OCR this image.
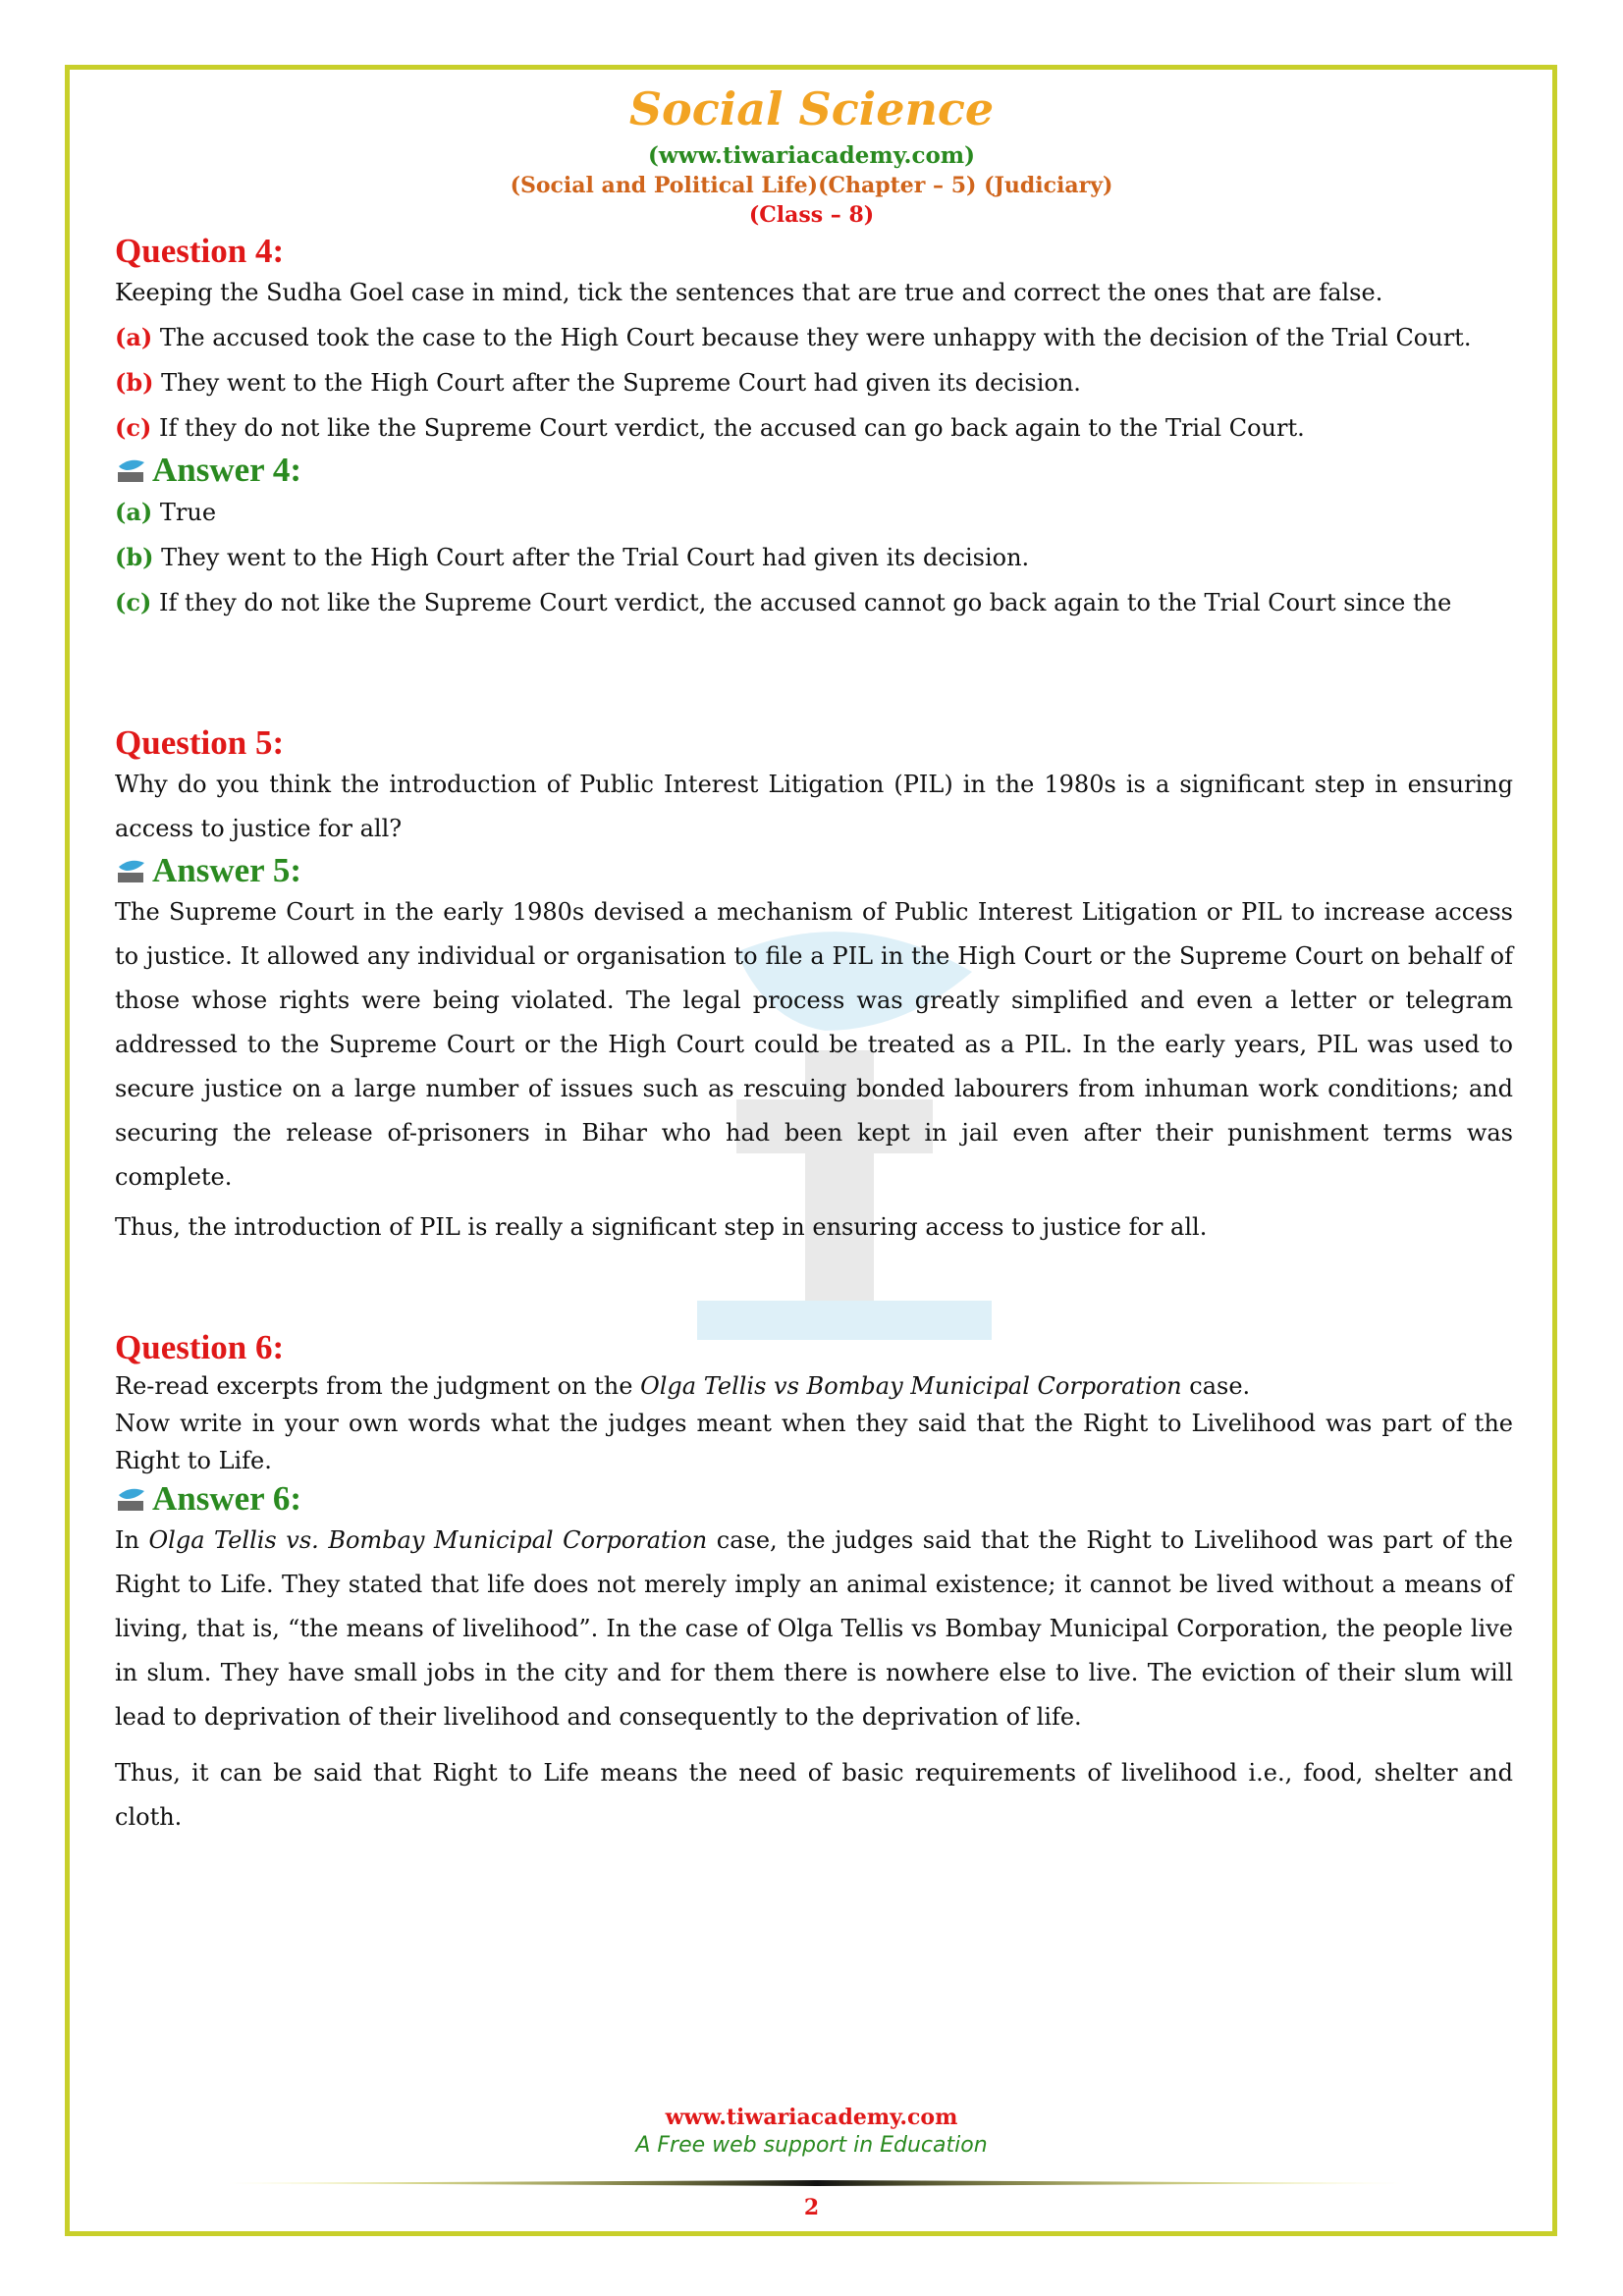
Social Science

(www.tiwariacademy.com)

(Social and Political Life)(Chapter – 5) (Judiciary)

(Class – 8)

Question 4:

Keeping the Sudha Goel case in mind, tick the sentences that are true and correct the ones that are false.

(a) The accused took the case to the High Court because they were unhappy with the decision of the Trial Court.

(b) They went to the High Court after the Supreme Court had given its decision.

(c) If they do not like the Supreme Court verdict, the accused can go back again to the Trial Court.

Answer 4:

(a) True

(b) They went to the High Court after the Trial Court had given its decision.

(c) If they do not like the Supreme Court verdict, the accused cannot go back again to the Trial Court since the

Question 5:

Why do you think the introduction of Public Interest Litigation (PIL) in the 1980s is a significant step in ensuring access to justice for all?

Answer 5:

The Supreme Court in the early 1980s devised a mechanism of Public Interest Litigation or PIL to increase access to justice. It allowed any individual or organisation to file a PIL in the High Court or the Supreme Court on behalf of those whose rights were being violated. The legal process was greatly simplified and even a letter or telegram addressed to the Supreme Court or the High Court could be treated as a PIL. In the early years, PIL was used to secure justice on a large number of issues such as rescuing bonded labourers from inhuman work conditions; and securing the release of-prisoners in Bihar who had been kept in jail even after their punishment terms was complete.

Thus, the introduction of PIL is really a significant step in ensuring access to justice for all.

Question 6:

Re-read excerpts from the judgment on the Olga Tellis vs Bombay Municipal Corporation case.

Now write in your own words what the judges meant when they said that the Right to Livelihood was part of the Right to Life.

Answer 6:

In Olga Tellis vs. Bombay Municipal Corporation case, the judges said that the Right to Livelihood was part of the Right to Life. They stated that life does not merely imply an animal existence; it cannot be lived without a means of living, that is, “the means of livelihood”. In the case of Olga Tellis vs Bombay Municipal Corporation, the people live in slum. They have small jobs in the city and for them there is nowhere else to live. The eviction of their slum will lead to deprivation of their livelihood and consequently to the deprivation of life.

Thus, it can be said that Right to Life means the need of basic requirements of livelihood i.e., food, shelter and cloth.

www.tiwariacademy.com
A Free web support in Education
2
